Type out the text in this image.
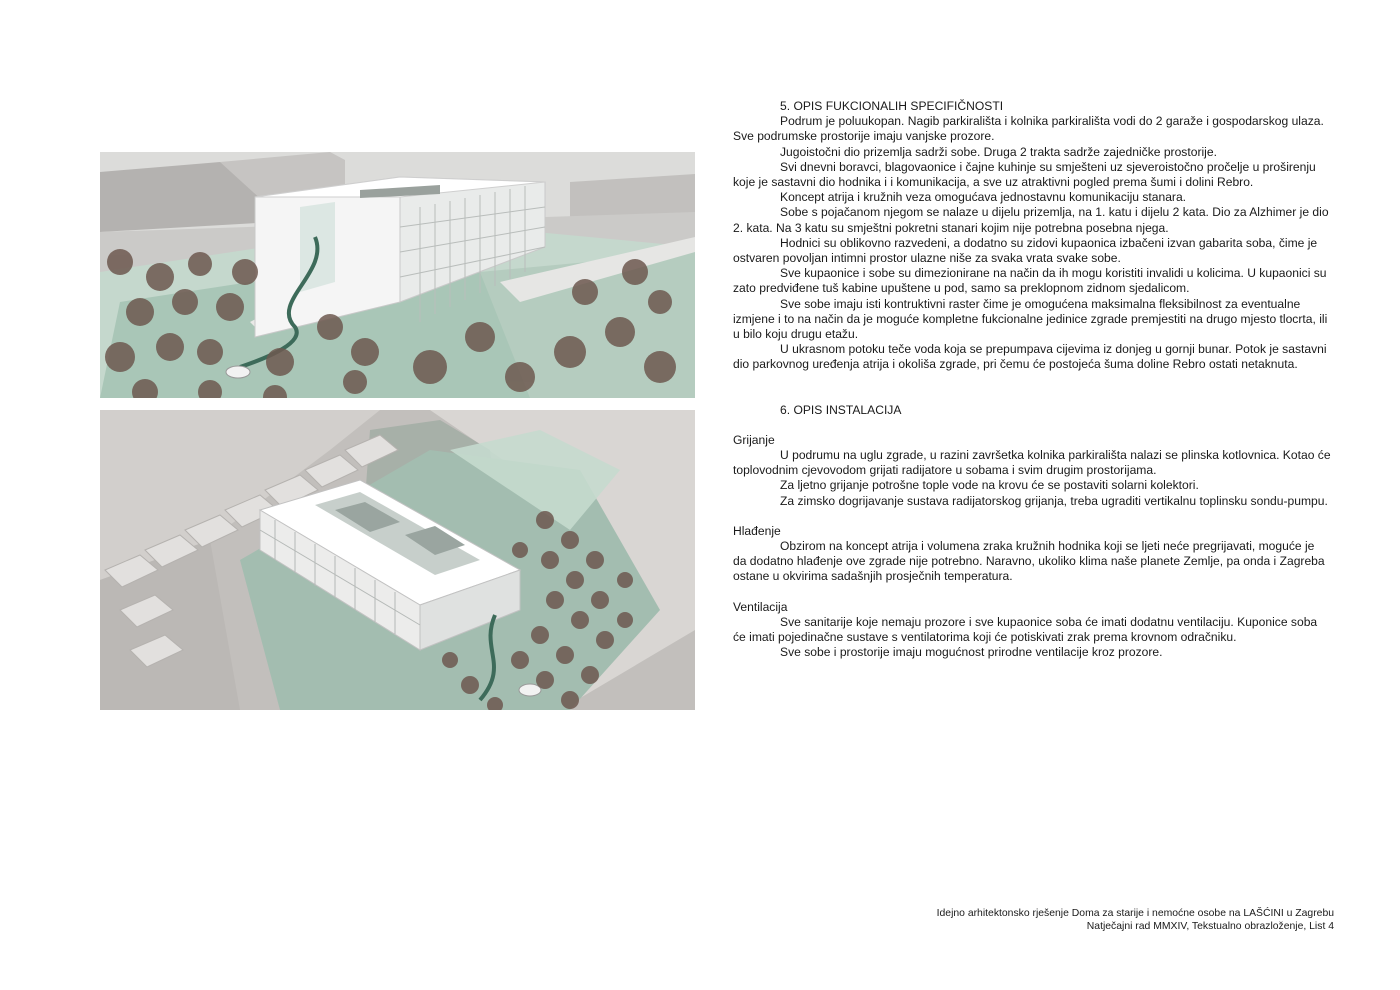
5. OPIS FUKCIONALIH SPECIFIČNOSTI

Podrum je poluukopan. Nagib parkirališta i kolnika parkirališta vodi do 2 garaže i gospodarskog ulaza. Sve podrumske prostorije imaju vanjske prozore.

Jugoistočni dio prizemlja sadrži sobe. Druga 2 trakta sadrže zajedničke prostorije.

Svi dnevni boravci, blagovaonice i čajne kuhinje su smješteni uz sjeveroistočno pročelje u proširenju koje je sastavni dio hodnika i i komunikacija, a sve uz atraktivni pogled prema šumi i dolini Rebro.

Koncept atrija i kružnih veza omogućava jednostavnu komunikaciju stanara.

Sobe s pojačanom njegom se nalaze u dijelu prizemlja, na 1. katu i dijelu 2 kata. Dio za Alzhimer je dio 2. kata. Na 3 katu su smještni pokretni stanari kojim nije potrebna posebna njega.

Hodnici su oblikovno razvedeni, a dodatno su zidovi kupaonica izbačeni izvan gabarita soba, čime je ostvaren povoljan intimni prostor ulazne niše za svaka vrata svake sobe.

Sve kupaonice i sobe su dimezionirane na način da ih mogu koristiti invalidi u kolicima. U kupaonici su zato predviđene tuš kabine upuštene u pod, samo sa preklopnom zidnom sjedalicom.

Sve sobe imaju isti kontruktivni raster čime je omogućena maksimalna fleksibilnost za eventualne izmjene i to na način da je moguće kompletne fukcionalne jedinice zgrade premjestiti na drugo mjesto tlocrta, ili u bilo koju drugu etažu.

U ukrasnom potoku teče voda koja se prepumpava cijevima iz donjeg u gornji bunar. Potok je sastavni dio parkovnog uređenja atrija i okoliša zgrade, pri čemu će postojeća šuma doline Rebro ostati netaknuta.

6. OPIS INSTALACIJA

Grijanje

U podrumu na uglu zgrade, u razini završetka kolnika parkirališta nalazi se plinska kotlovnica. Kotao će toplovodnim cjevovodom grijati radijatore u sobama i svim drugim prostorijama.

Za ljetno grijanje potrošne tople vode na krovu će se postaviti solarni kolektori.

Za zimsko dogrijavanje sustava radijatorskog grijanja, treba ugraditi vertikalnu toplinsku sondu-pumpu.

Hlađenje

Obzirom na koncept atrija i volumena zraka kružnih hodnika koji se ljeti neće pregrijavati, moguće je da dodatno hlađenje ove zgrade nije potrebno. Naravno, ukoliko klima naše planete Zemlje, pa onda i Zagreba ostane u okvirima sadašnjih prosječnih temperatura.

Ventilacija

Sve sanitarije koje nemaju prozore i sve kupaonice soba će imati dodatnu ventilaciju. Kuponice soba će imati pojedinačne sustave s ventilatorima koji će potiskivati zrak prema krovnom odračniku.

Sve sobe i prostorije imaju mogućnost prirodne ventilacije kroz prozore.

Idejno arhitektonsko rješenje Doma za starije i nemoćne osobe na LAŠĆINI u Zagrebu

Natječajni rad MMXIV, Tekstualno obrazloženje, List 4
